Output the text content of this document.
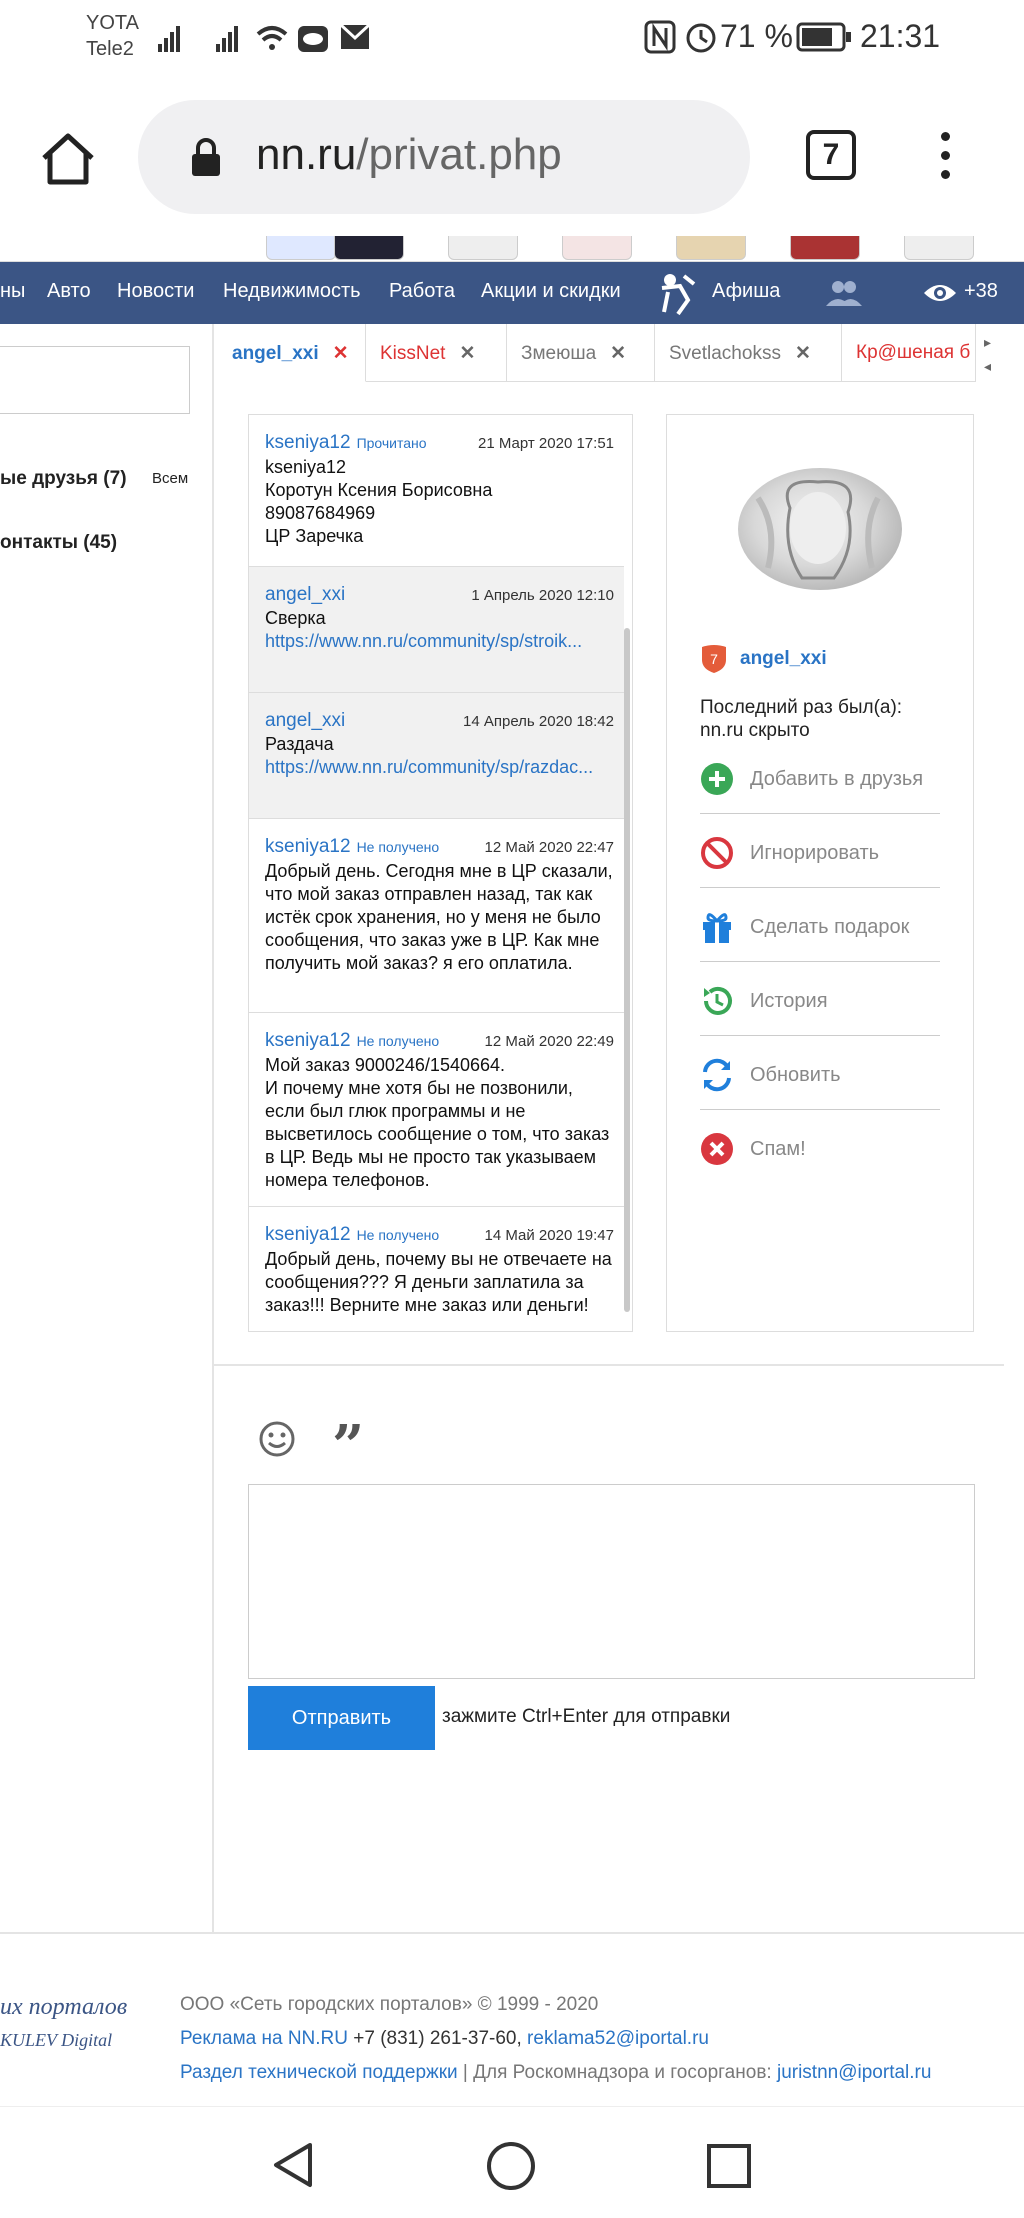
YOTA
Tele2	71 % 21:31
nn.ru/privat.php	7
ны Авто Новости Недвижимость Работа Акции и скидки	Афиша	+38
ые друзья (7) Всем
онтакты (45)
angel_xxi ✕	KissNet ✕	Змеюша ✕	Svetlachokss ✕	Кр@шеная б ▸
◂
kseniya12 Прочитано	21 Март 2020 17:51
kseniya12
Коротун Ксения Борисовна
89087684969
ЦР Заречка
angel_xxi	1 Апрель 2020 12:10
Сверка
https://www.nn.ru/community/sp/stroik...
angel_xxi	14 Апрель 2020 18:42
Раздача
https://www.nn.ru/community/sp/razdac...
kseniya12 Не получено	12 Май 2020 22:47
Добрый день. Сегодня мне в ЦР сказали, что мой заказ отправлен назад, так как истёк срок хранения, но у меня не было сообщения, что заказ уже в ЦР. Как мне получить мой заказ? я его оплатила.
kseniya12 Не получено	12 Май 2020 22:49
Мой заказ 9000246/1540664.
И почему мне хотя бы не позвонили, если был глюк программы и не высветилось сообщение о том, что заказ в ЦР. Ведь мы не просто так указываем номера телефонов.
kseniya12 Не получено	14 Май 2020 19:47
Добрый день, почему вы не отвечаете на сообщения??? Я деньги заплатила за заказ!!! Верните мне заказ или деньги!
7 angel_xxi
Последний раз был(а):
nn.ru скрыто
Добавить в друзья
Игнорировать
Сделать подарок
История
Обновить
Спам!
”
Отправить	зажмите Ctrl+Enter для отправки
их порталов
KULEV Digital
ООО «Сеть городских порталов» © 1999 - 2020
Реклама на NN.RU +7 (831) 261-37-60, reklama52@iportal.ru
Раздел технической поддержки | Для Роскомнадзора и госорганов: juristnn@iportal.ru
